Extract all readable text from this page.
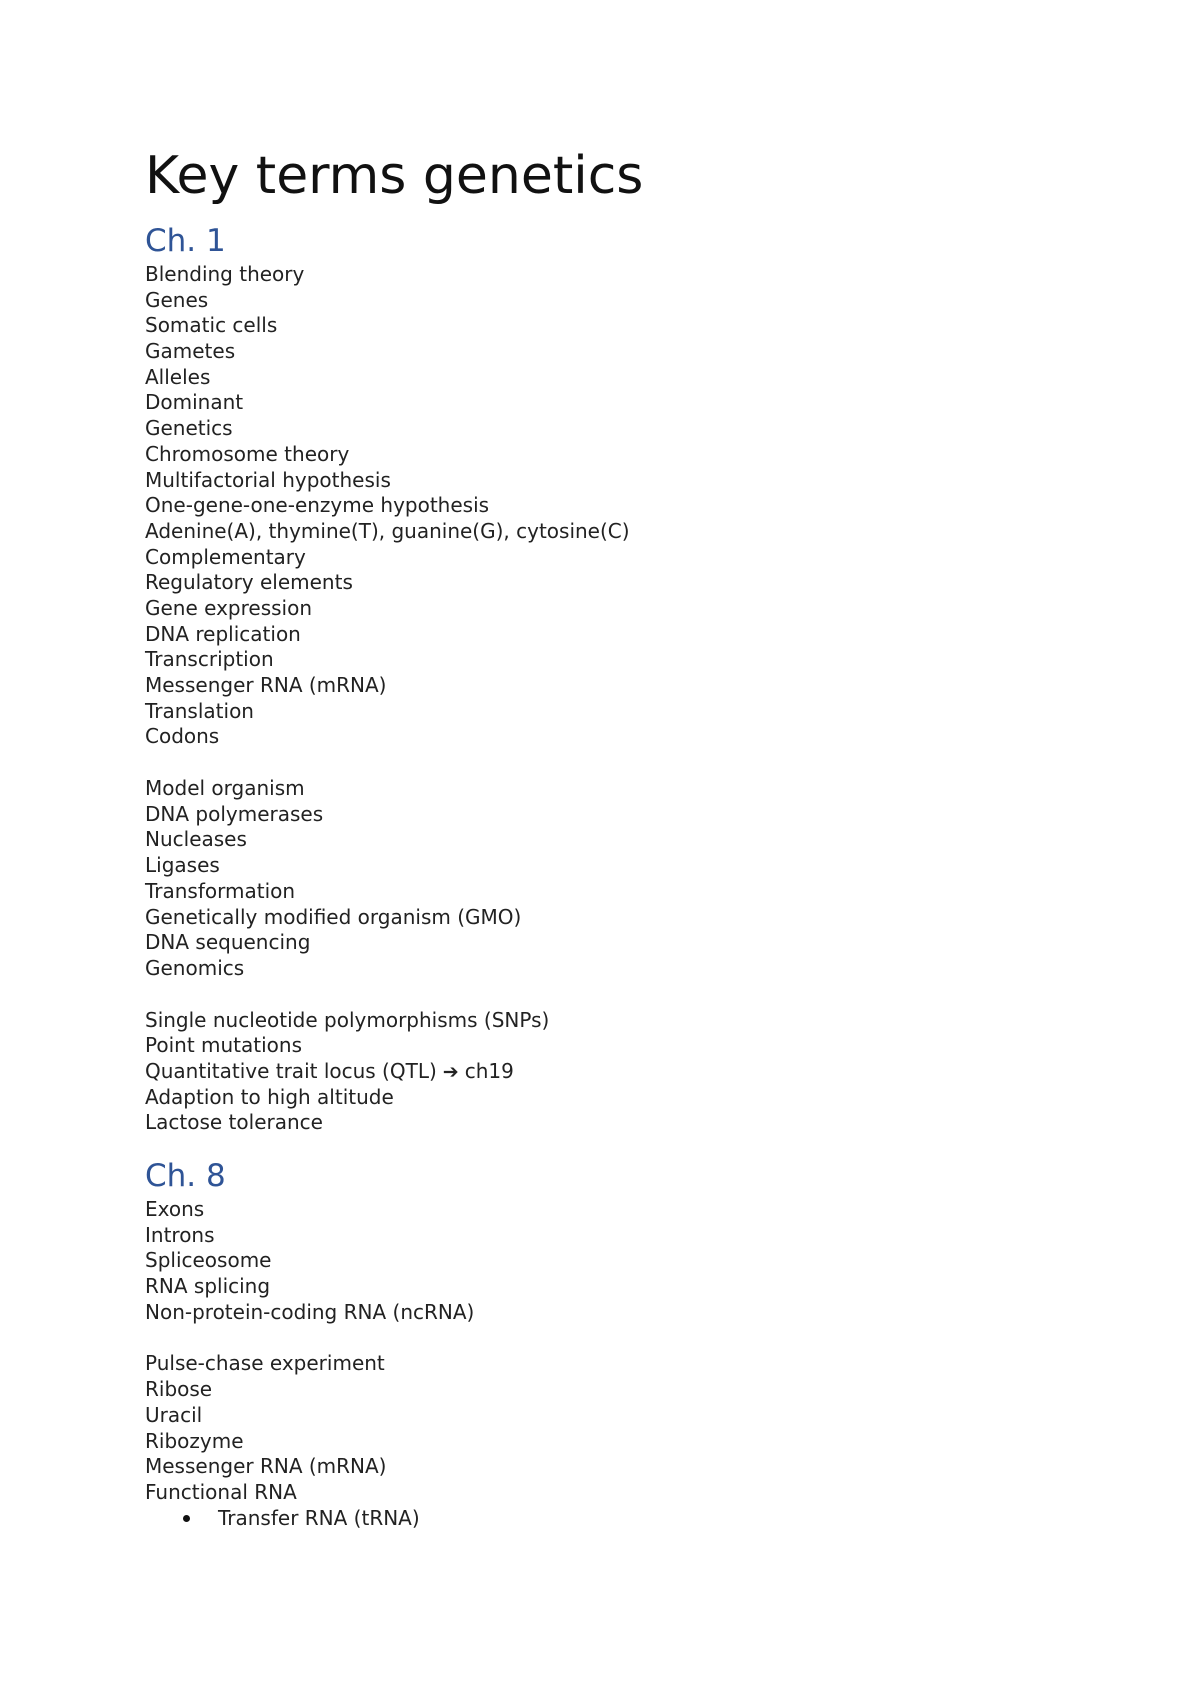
Key terms genetics
Ch. 1
Blending theory
Genes
Somatic cells
Gametes
Alleles
Dominant
Genetics
Chromosome theory
Multifactorial hypothesis
One-gene-one-enzyme hypothesis
Adenine(A), thymine(T), guanine(G), cytosine(C)
Complementary
Regulatory elements
Gene expression
DNA replication
Transcription
Messenger RNA (mRNA)
Translation
Codons
Model organism
DNA polymerases
Nucleases
Ligases
Transformation
Genetically modified organism (GMO)
DNA sequencing
Genomics
Single nucleotide polymorphisms (SNPs)
Point mutations
Quantitative trait locus (QTL) ➔ ch19
Adaption to high altitude
Lactose tolerance
Ch. 8
Exons
Introns
Spliceosome
RNA splicing
Non-protein-coding RNA (ncRNA)
Pulse-chase experiment
Ribose
Uracil
Ribozyme
Messenger RNA (mRNA)
Functional RNA
Transfer RNA (tRNA)
